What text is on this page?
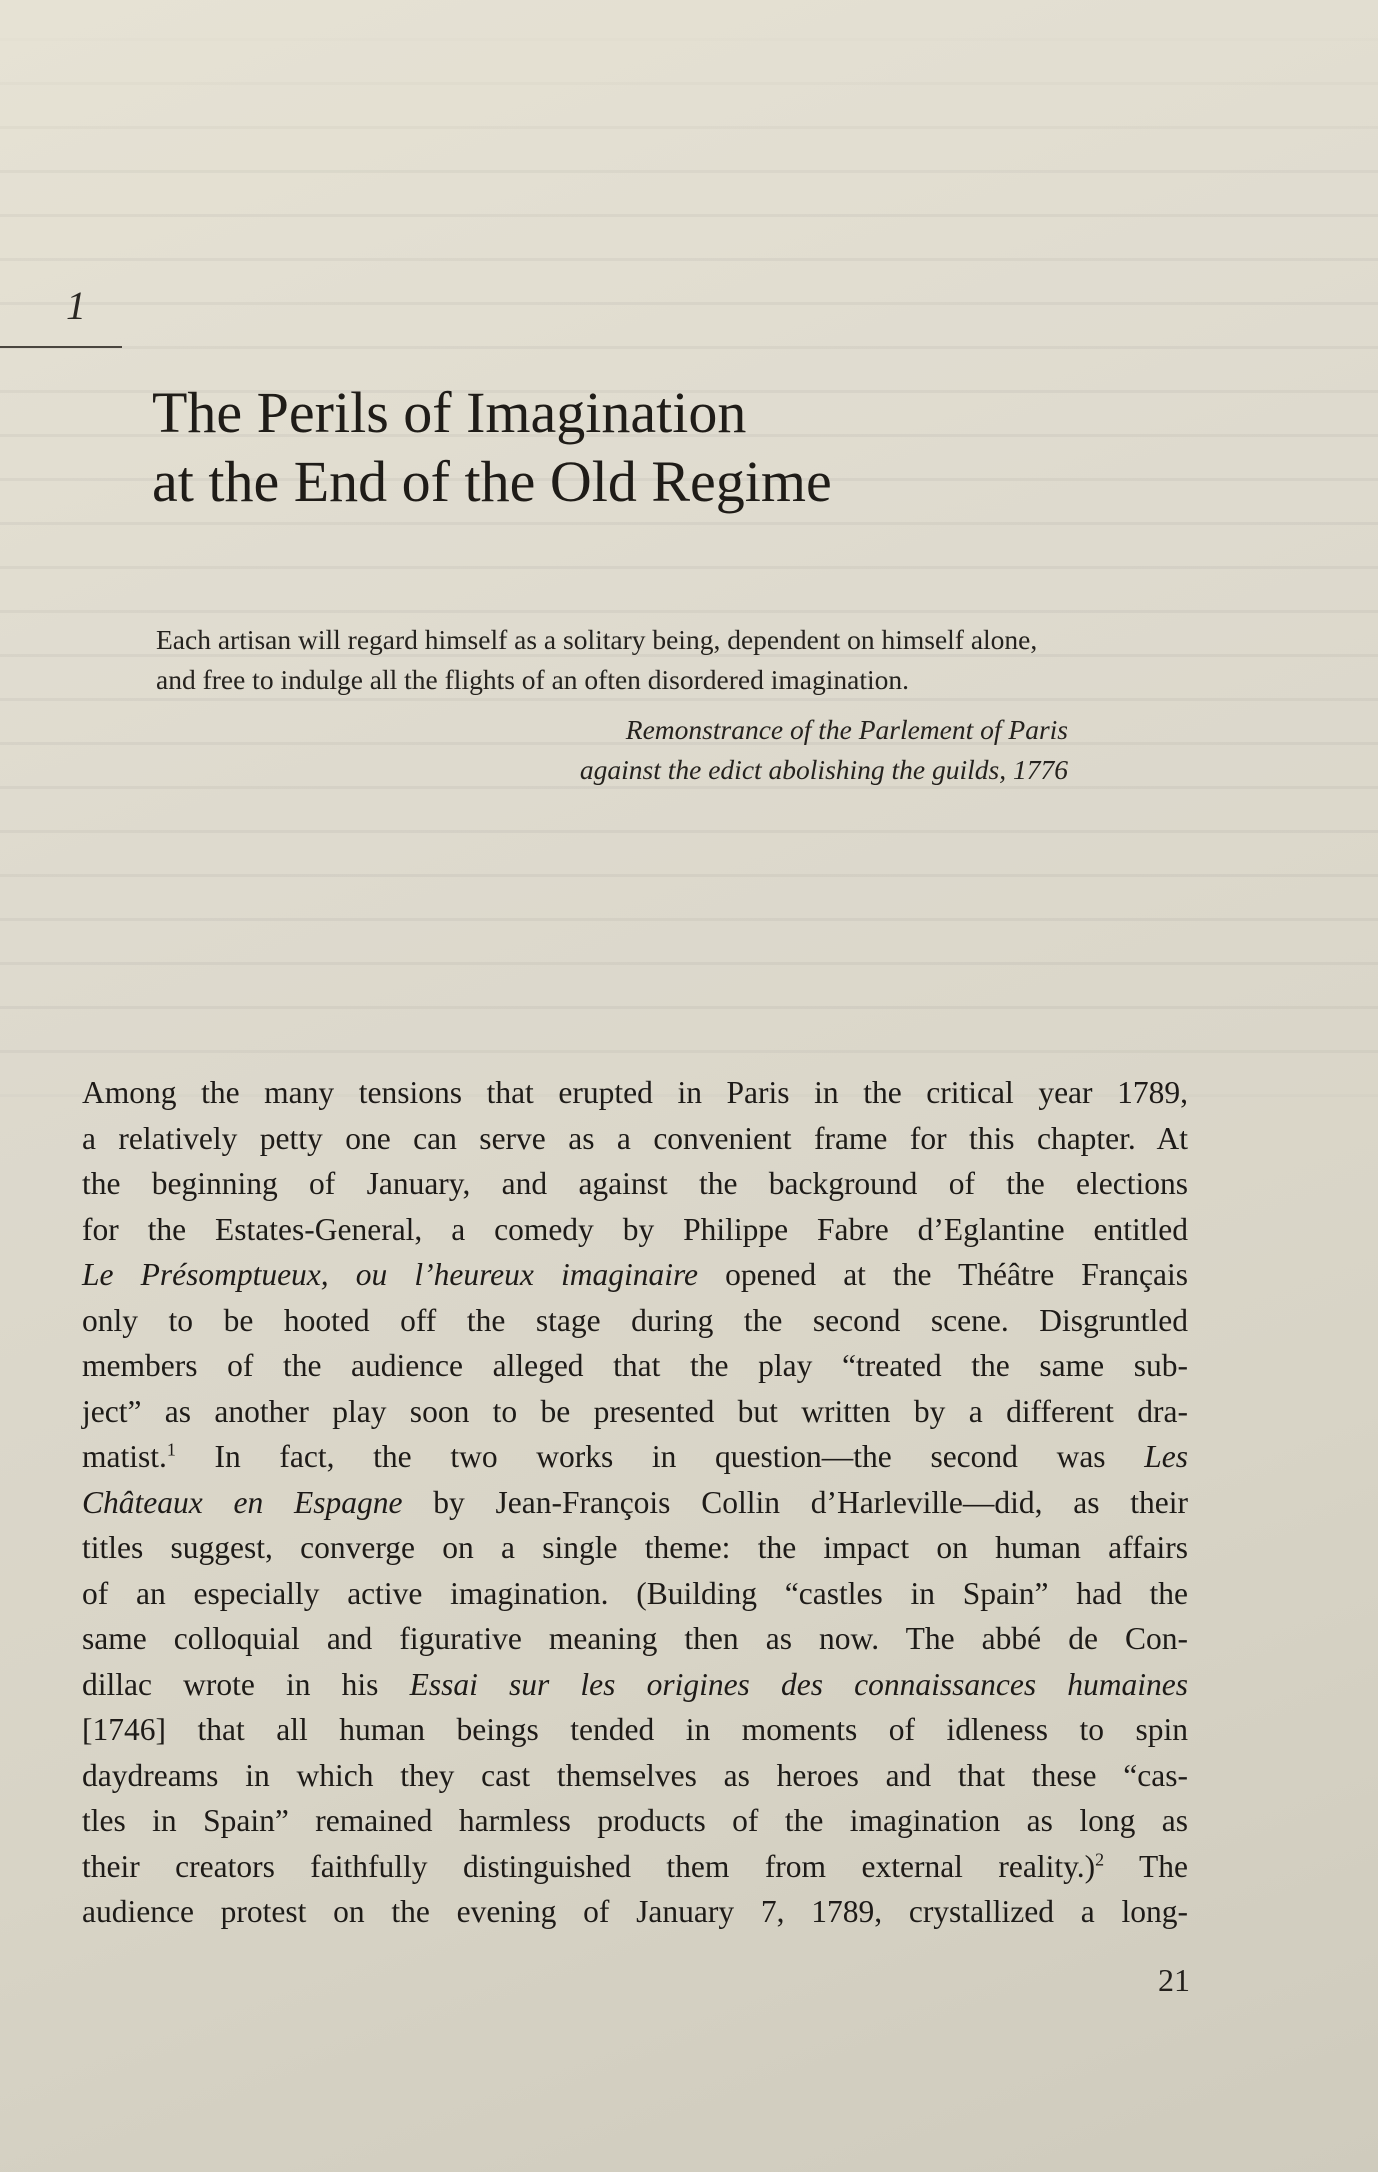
1
The Perils of Imagination
at the End of the Old Regime

Each artisan will regard himself as a solitary being, dependent on himself alone, and free to indulge all the flights of an often disordered imagination.

Remonstrance of the Parlement of Paris
against the edict abolishing the guilds, 1776

Among the many tensions that erupted in Paris in the critical year 1789,
a relatively petty one can serve as a convenient frame for this chapter. At
the beginning of January, and against the background of the elections
for the Estates-General, a comedy by Philippe Fabre d’Eglantine entitled
Le Présomptueux, ou l’heureux imaginaire opened at the Théâtre Français
only to be hooted off the stage during the second scene. Disgruntled
members of the audience alleged that the play “treated the same sub-
ject” as another play soon to be presented but written by a different dra-
matist.$^1$ In fact, the two works in question—the second was Les
Châteaux en Espagne by Jean-François Collin d’Harleville—did, as their
titles suggest, converge on a single theme: the impact on human affairs
of an especially active imagination. (Building “castles in Spain” had the
same colloquial and figurative meaning then as now. The abbé de Con-
dillac wrote in his Essai sur les origines des connaissances humaines
[1746] that all human beings tended in moments of idleness to spin
daydreams in which they cast themselves as heroes and that these “cas-
tles in Spain” remained harmless products of the imagination as long as
their creators faithfully distinguished them from external reality.)$^2$ The
audience protest on the evening of January 7, 1789, crystallized a long-
21
